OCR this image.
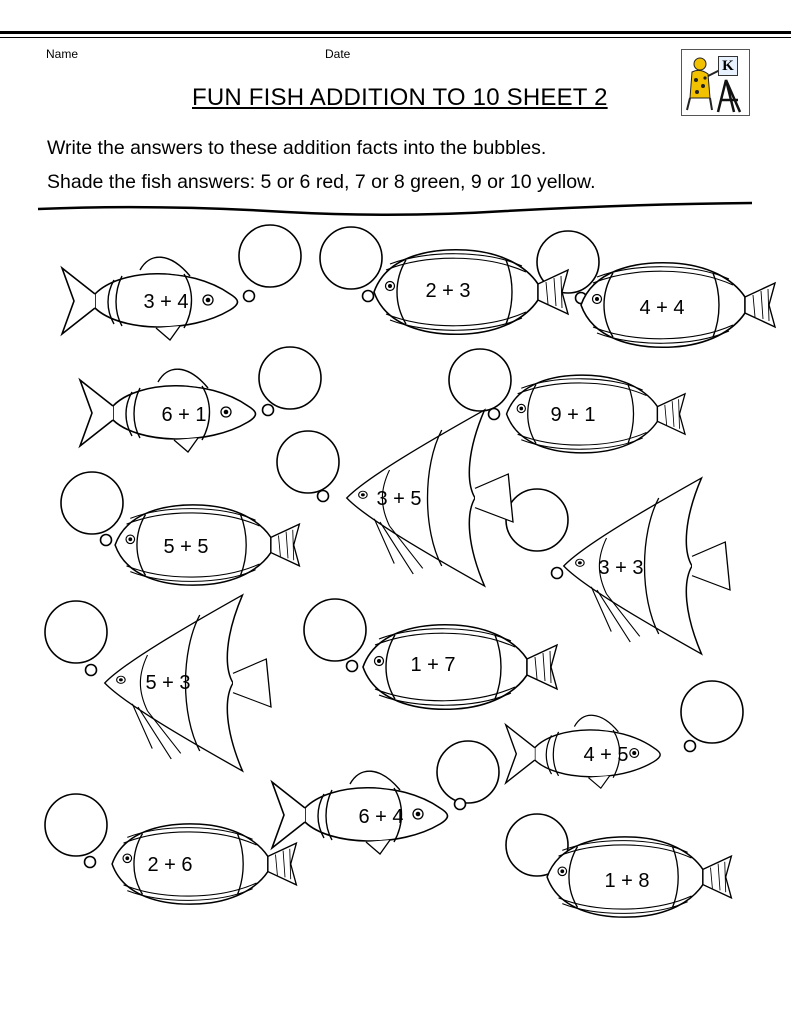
Name	Date
FUN FISH ADDITION TO 10 SHEET 2
K
Write the answers to these addition facts into the bubbles.
Shade the fish answers: 5 or 6 red, 7 or 8 green, 9 or 10 yellow.
3 + 4	2 + 3
4 + 4
6 + 1	9 + 1
3 + 5
5 + 5
3 + 3
5 + 3
1 + 7
4 + 5
6 + 4
2 + 6
1 + 8
